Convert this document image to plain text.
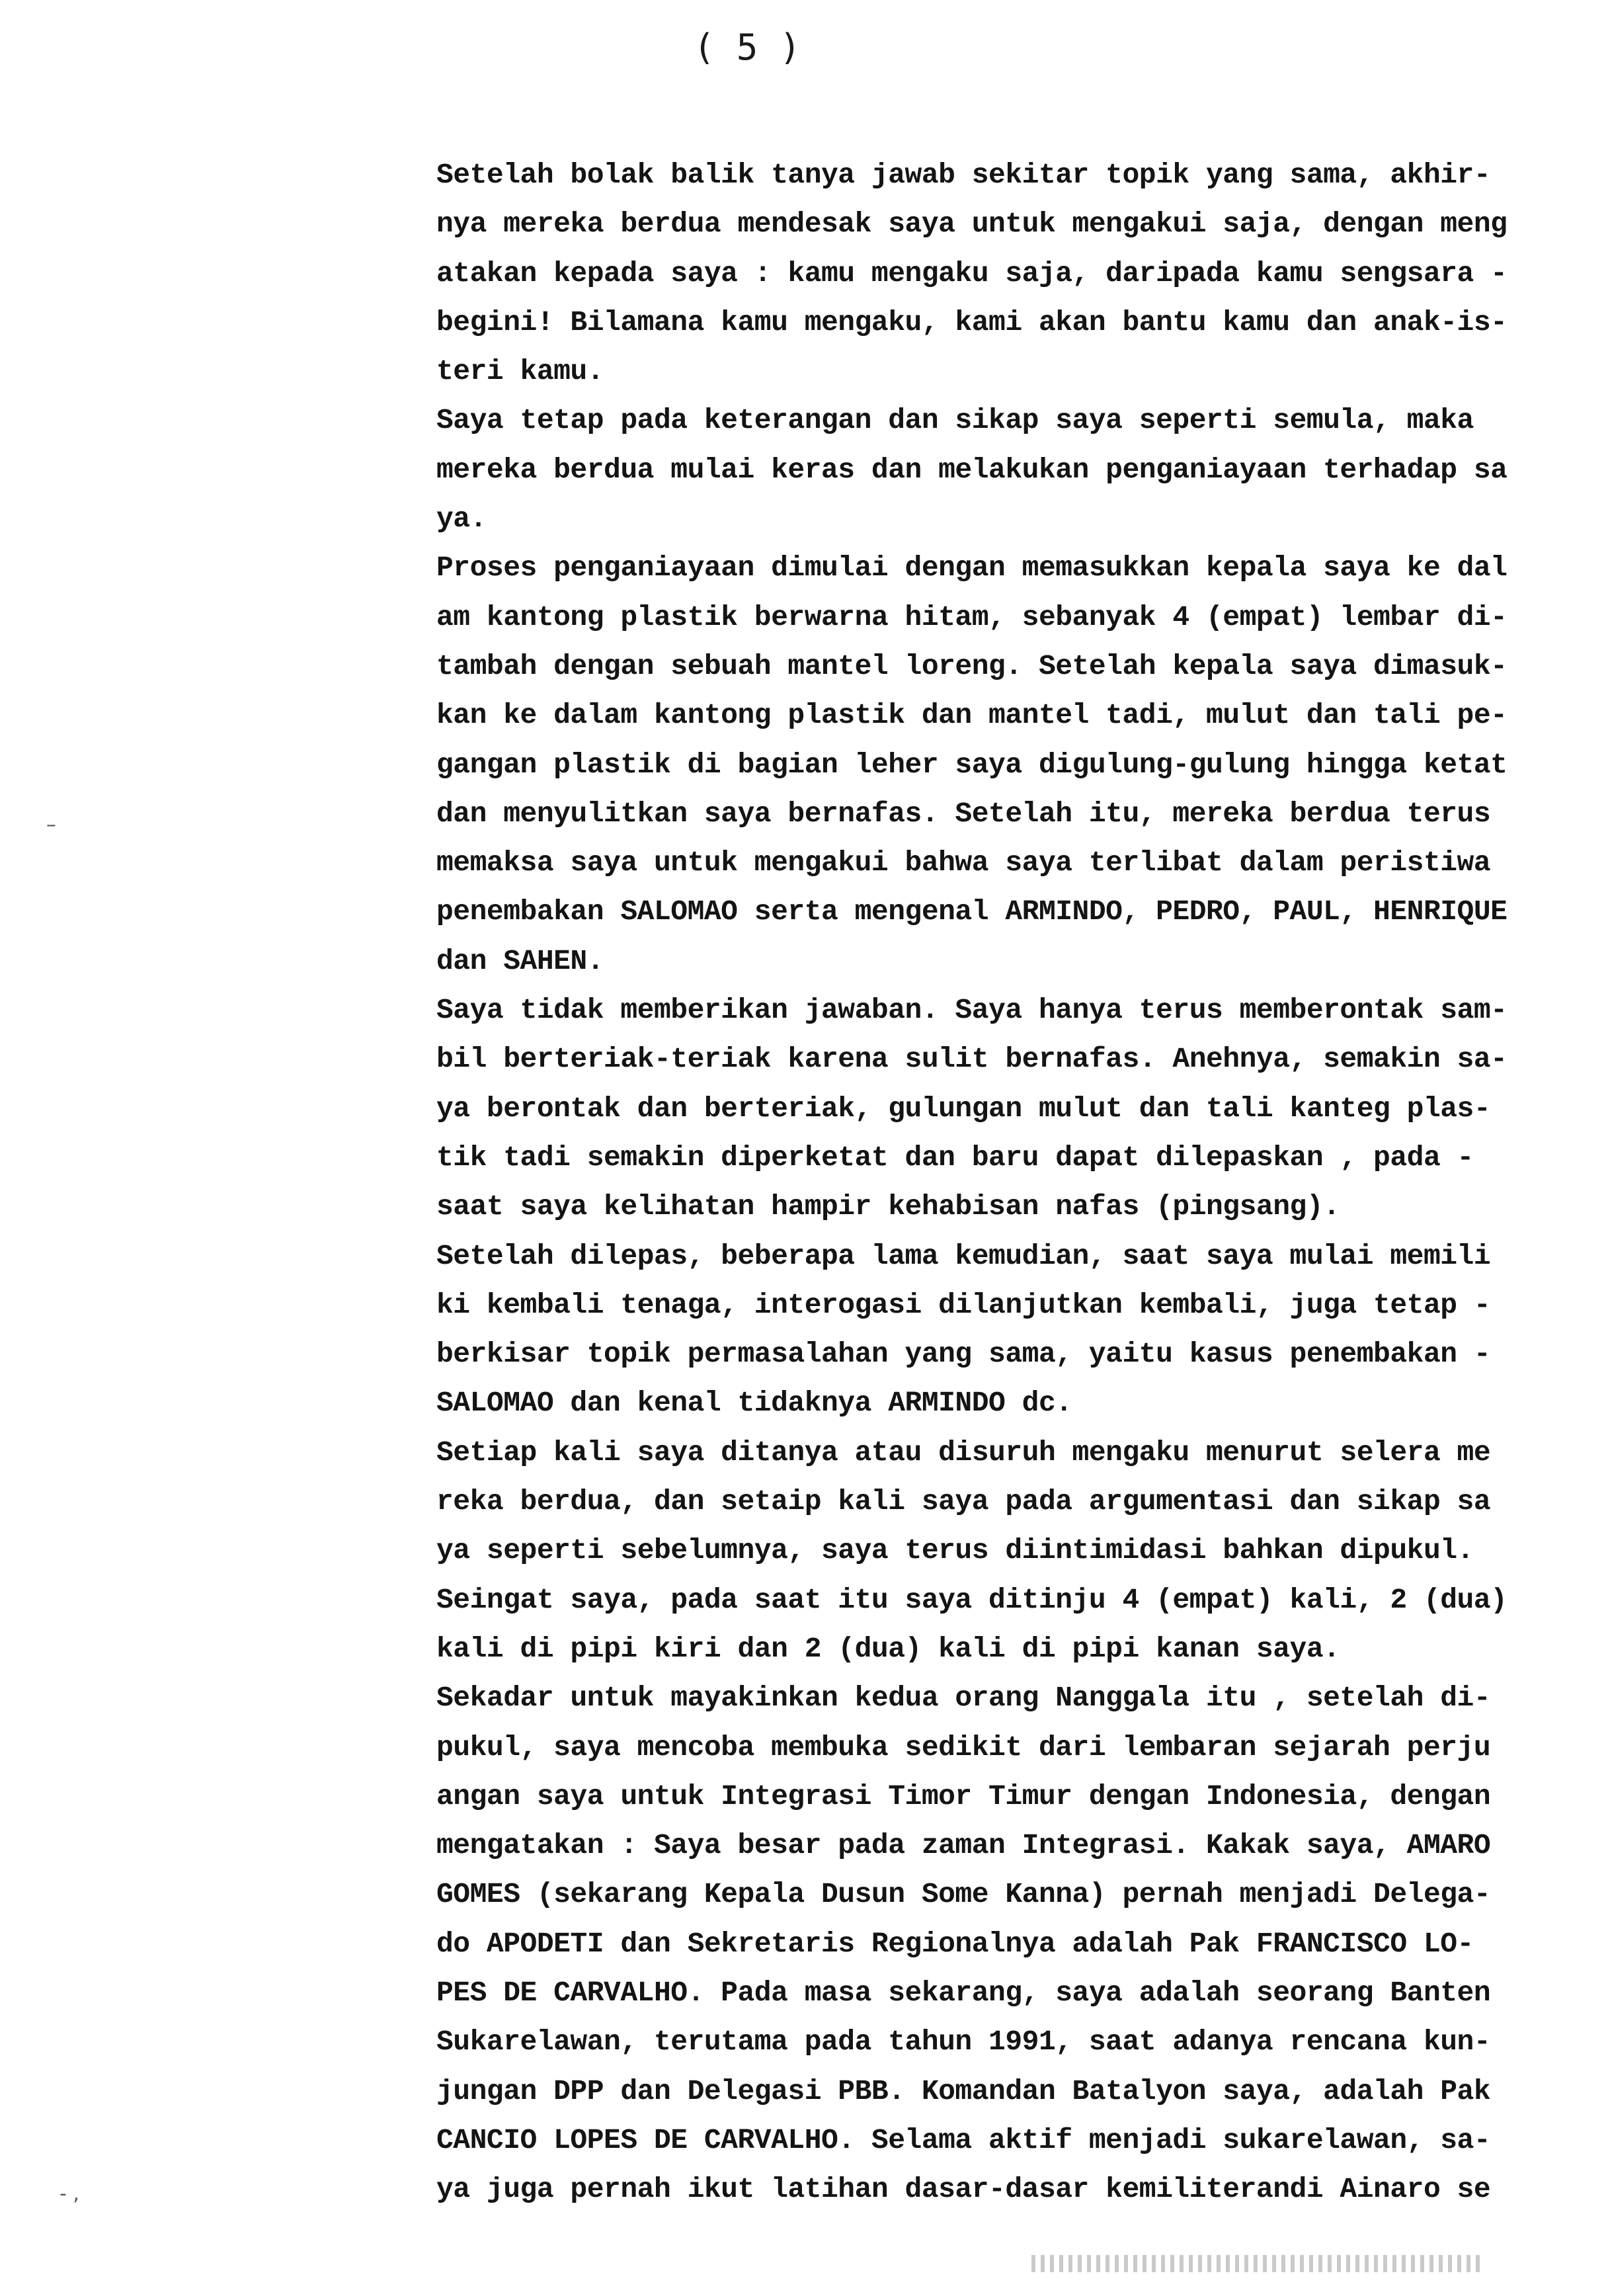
( 5 )
Setelah bolak balik tanya jawab sekitar topik yang sama, akhir-
nya mereka berdua mendesak saya untuk mengakui saja, dengan meng
atakan kepada saya : kamu mengaku saja, daripada kamu sengsara -
begini! Bilamana kamu mengaku, kami akan bantu kamu dan anak-is-
teri kamu.
Saya tetap pada keterangan dan sikap saya seperti semula, maka
mereka berdua mulai keras dan melakukan penganiayaan terhadap sa
ya.
Proses penganiayaan dimulai dengan memasukkan kepala saya ke dal
am kantong plastik berwarna hitam, sebanyak 4 (empat) lembar di-
tambah dengan sebuah mantel loreng. Setelah kepala saya dimasuk-
kan ke dalam kantong plastik dan mantel tadi, mulut dan tali pe-
gangan plastik di bagian leher saya digulung-gulung hingga ketat
dan menyulitkan saya bernafas. Setelah itu, mereka berdua terus
memaksa saya untuk mengakui bahwa saya terlibat dalam peristiwa
penembakan SALOMAO serta mengenal ARMINDO, PEDRO, PAUL, HENRIQUE
dan SAHEN.
Saya tidak memberikan jawaban. Saya hanya terus memberontak sam-
bil berteriak-teriak karena sulit bernafas. Anehnya, semakin sa-
ya berontak dan berteriak, gulungan mulut dan tali kanteg plas-
tik tadi semakin diperketat dan baru dapat dilepaskan , pada -
saat saya kelihatan hampir kehabisan nafas (pingsang).
Setelah dilepas, beberapa lama kemudian, saat saya mulai memili
ki kembali tenaga, interogasi dilanjutkan kembali, juga tetap -
berkisar topik permasalahan yang sama, yaitu kasus penembakan -
SALOMAO dan kenal tidaknya ARMINDO dc.
Setiap kali saya ditanya atau disuruh mengaku menurut selera me
reka berdua, dan setaip kali saya pada argumentasi dan sikap sa
ya seperti sebelumnya, saya terus diintimidasi bahkan dipukul.
Seingat saya, pada saat itu saya ditinju 4 (empat) kali, 2 (dua)
kali di pipi kiri dan 2 (dua) kali di pipi kanan saya.
Sekadar untuk mayakinkan kedua orang Nanggala itu , setelah di-
pukul, saya mencoba membuka sedikit dari lembaran sejarah perju
angan saya untuk Integrasi Timor Timur dengan Indonesia, dengan
mengatakan : Saya besar pada zaman Integrasi. Kakak saya, AMARO
GOMES (sekarang Kepala Dusun Some Kanna) pernah menjadi Delega-
do APODETI dan Sekretaris Regionalnya adalah Pak FRANCISCO LO-
PES DE CARVALHO. Pada masa sekarang, saya adalah seorang Banten
Sukarelawan, terutama pada tahun 1991, saat adanya rencana kun-
jungan DPP dan Delegasi PBB. Komandan Batalyon saya, adalah Pak
CANCIO LOPES DE CARVALHO. Selama aktif menjadi sukarelawan, sa-
ya juga pernah ikut latihan dasar-dasar kemiliterandi Ainaro se
–
- ,
